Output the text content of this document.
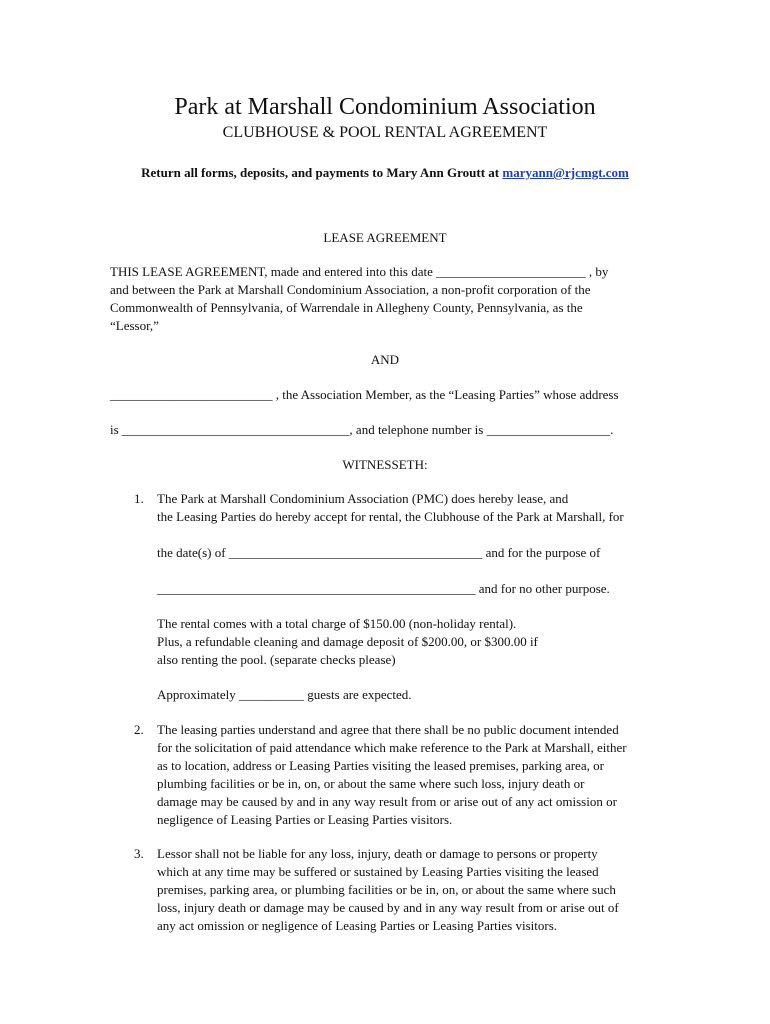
Park at Marshall Condominium Association
CLUBHOUSE & POOL RENTAL AGREEMENT
Return all forms, deposits, and payments to Mary Ann Groutt at maryann@rjcmgt.com
LEASE AGREEMENT
THIS LEASE AGREEMENT, made and entered into this date _______________________ , by
and between the Park at Marshall Condominium Association, a non-profit corporation of the
Commonwealth of Pennsylvania, of Warrendale in Allegheny County, Pennsylvania, as the
“Lessor,”
AND
_________________________ , the Association Member, as the “Leasing Parties” whose address
is ___________________________________, and telephone number is ___________________.
WITNESSETH:
1. The Park at Marshall Condominium Association (PMC) does hereby lease, and
the Leasing Parties do hereby accept for rental, the Clubhouse of the Park at Marshall, for
the date(s) of _______________________________________ and for the purpose of
_________________________________________________ and for no other purpose.
The rental comes with a total charge of $150.00 (non-holiday rental).
Plus, a refundable cleaning and damage deposit of $200.00, or $300.00 if
also renting the pool. (separate checks please)
Approximately __________ guests are expected.
2. The leasing parties understand and agree that there shall be no public document intended
for the solicitation of paid attendance which make reference to the Park at Marshall, either
as to location, address or Leasing Parties visiting the leased premises, parking area, or
plumbing facilities or be in, on, or about the same where such loss, injury death or
damage may be caused by and in any way result from or arise out of any act omission or
negligence of Leasing Parties or Leasing Parties visitors.
3. Lessor shall not be liable for any loss, injury, death or damage to persons or property
which at any time may be suffered or sustained by Leasing Parties visiting the leased
premises, parking area, or plumbing facilities or be in, on, or about the same where such
loss, injury death or damage may be caused by and in any way result from or arise out of
any act omission or negligence of Leasing Parties or Leasing Parties visitors.
